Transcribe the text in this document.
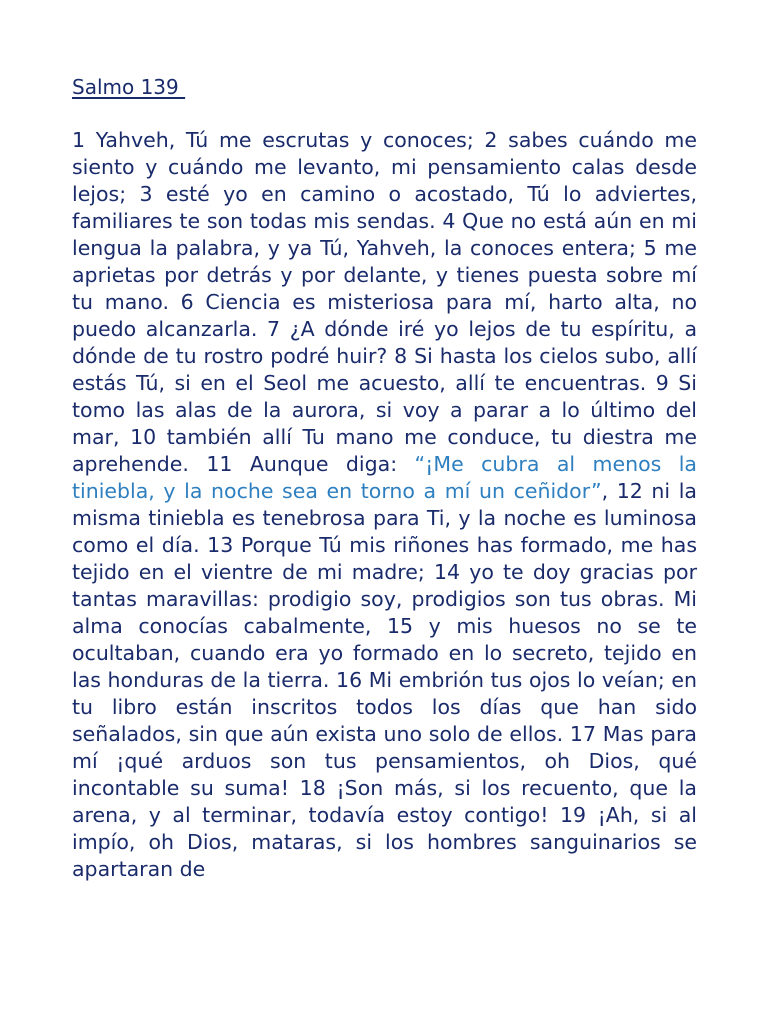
Salmo 139

1 Yahveh, Tú me escrutas y conoces; 2 sabes cuándo me siento y cuándo me levanto, mi pensamiento calas desde lejos; 3 esté yo en camino o acostado, Tú lo adviertes, familiares te son todas mis sendas. 4 Que no está aún en mi lengua la palabra, y ya Tú, Yahveh, la conoces entera; 5 me aprietas por detrás y por delante, y tienes puesta sobre mí tu mano. 6 Ciencia es misteriosa para mí, harto alta, no puedo alcanzarla. 7 ¿A dónde iré yo lejos de tu espíritu, a dónde de tu rostro podré huir? 8 Si hasta los cielos subo, allí estás Tú, si en el Seol me acuesto, allí te encuentras. 9 Si tomo las alas de la aurora, si voy a parar a lo último del mar, 10 también allí Tu mano me conduce, tu diestra me aprehende. 11 Aunque diga: “¡Me cubra al menos la tiniebla, y la noche sea en torno a mí un ceñidor”, 12 ni la misma tiniebla es tenebrosa para Ti, y la noche es luminosa como el día. 13 Porque Tú mis riñones has formado, me has tejido en el vientre de mi madre; 14 yo te doy gracias por tantas maravillas: prodigio soy, prodigios son tus obras. Mi alma conocías cabalmente, 15 y mis huesos no se te ocultaban, cuando era yo formado en lo secreto, tejido en las honduras de la tierra. 16 Mi embrión tus ojos lo veían; en tu libro están inscritos todos los días que han sido señalados, sin que aún exista uno solo de ellos. 17 Mas para mí ¡qué arduos son tus pensamientos, oh Dios, qué incontable su suma! 18 ¡Son más, si los recuento, que la arena, y al terminar, todavía estoy contigo! 19 ¡Ah, si al impío, oh Dios, mataras, si los hombres sanguinarios se apartaran de
